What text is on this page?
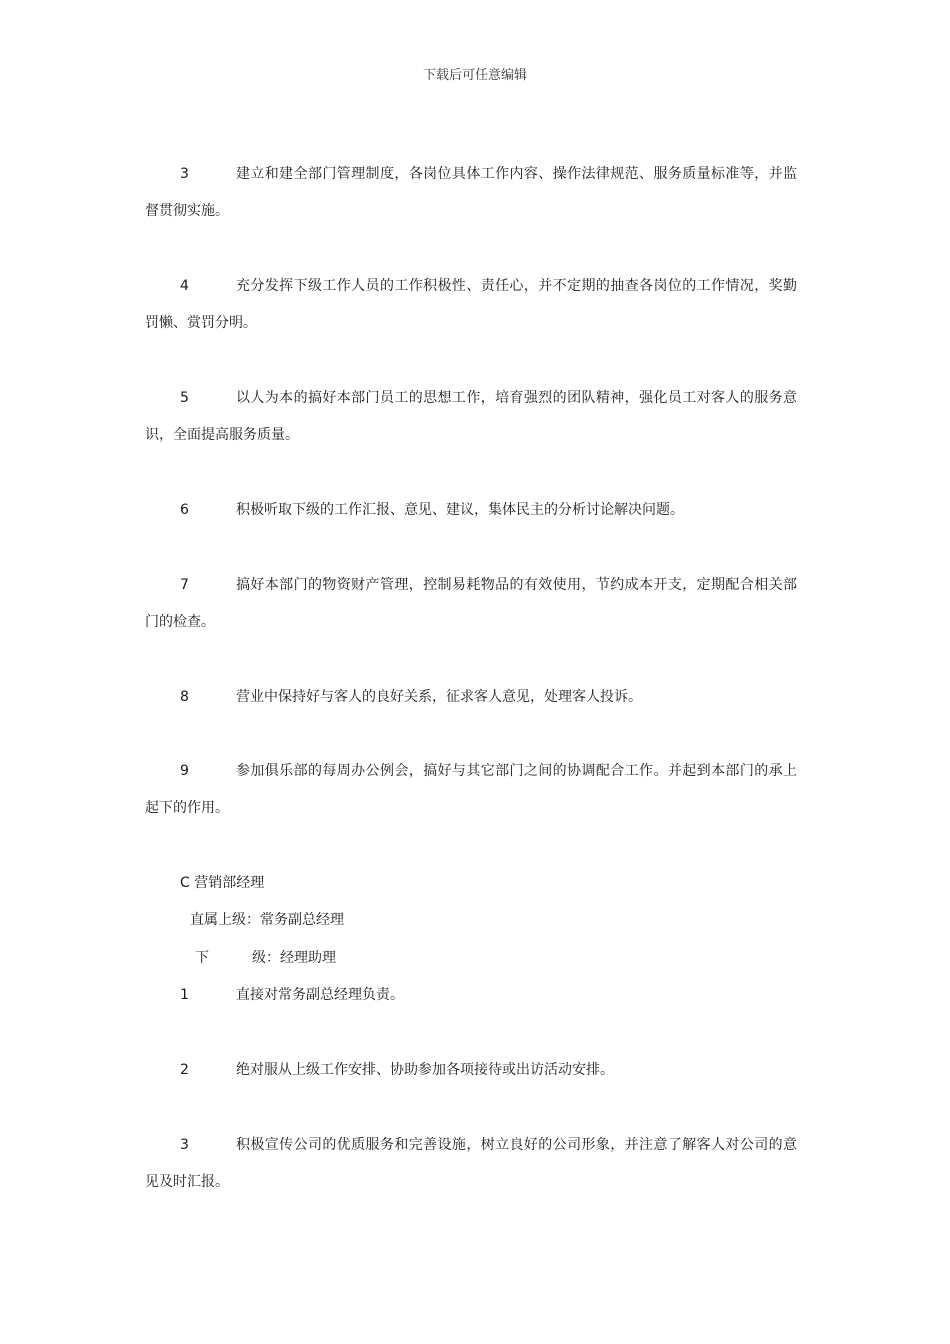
下载后可任意编辑
3	建立和建全部门管理制度，各岗位具体工作内容、操作法律规范、服务质量标准等，并监
督贯彻实施。
4	充分发挥下级工作人员的工作积极性、责任心，并不定期的抽查各岗位的工作情况，奖勤
罚懒、赏罚分明。
5	以人为本的搞好本部门员工的思想工作，培育强烈的团队精神，强化员工对客人的服务意
识，全面提高服务质量。
6	积极听取下级的工作汇报、意见、建议，集体民主的分析讨论解决问题。
7	搞好本部门的物资财产管理，控制易耗物品的有效使用，节约成本开支，定期配合相关部
门的检查。
8	营业中保持好与客人的良好关系，征求客人意见，处理客人投诉。
9	参加俱乐部的每周办公例会，搞好与其它部门之间的协调配合工作。并起到本部门的承上
起下的作用。
C 营销部经理
直属上级：常务副总经理
下	级：经理助理
1	直接对常务副总经理负责。
2	绝对服从上级工作安排、协助参加各项接待或出访活动安排。
3	积极宣传公司的优质服务和完善设施，树立良好的公司形象，并注意了解客人对公司的意
见及时汇报。
